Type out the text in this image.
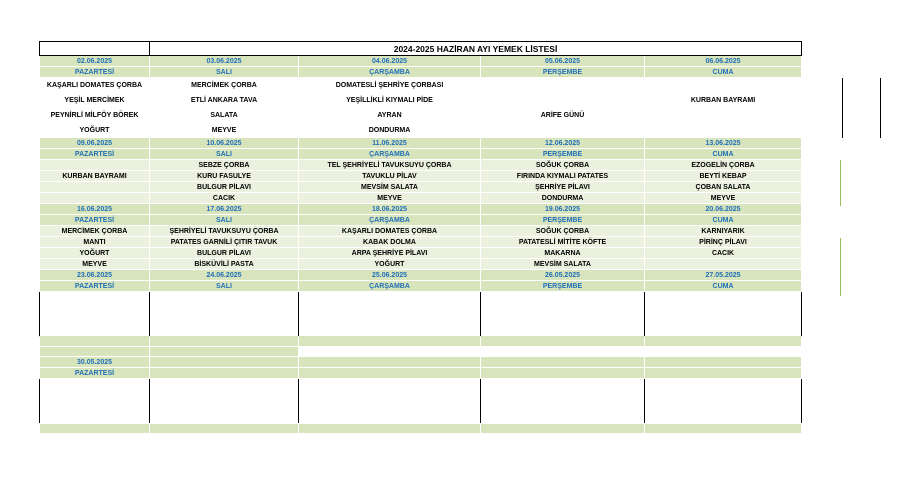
	2024-2025 HAZİRAN AYI YEMEK LİSTESİ			
02.06.2025	03.06.2025	04.06.2025	05.06.2025	06.06.2025
PAZARTESİ	SALI	ÇARŞAMBA	PERŞEMBE	CUMA
KAŞARLI DOMATES ÇORBA	MERCİMEK ÇORBA	DOMATESLİ ŞEHRİYE ÇORBASI		
YEŞİL MERCİMEK	ETLİ ANKARA TAVA	YEŞİLLİKLİ KIYMALI PİDE		KURBAN BAYRAMI
PEYNİRLİ MİLFÖY BÖREK	SALATA	AYRAN	ARİFE GÜNÜ	
YOĞURT	MEYVE	DONDURMA		
09.06.2025	10.06.2025	11.06.2025	12.06.2025	13.06.2025
PAZARTESİ	SALI	ÇARŞAMBA	PERŞEMBE	CUMA
	SEBZE ÇORBA	TEL ŞEHRİYELİ TAVUKSUYU ÇORBA	SOĞUK ÇORBA	EZOGELİN ÇORBA
KURBAN BAYRAMI	KURU FASULYE	TAVUKLU PİLAV	FIRINDA KIYMALI PATATES	BEYTİ KEBAP
	BULGUR PİLAVI	MEVSİM SALATA	ŞEHRİYE PİLAVI	ÇOBAN SALATA
	CACIK	MEYVE	DONDURMA	MEYVE
16.06.2025	17.06.2025	18.06.2025	19.06.2025	20.06.2025
PAZARTESİ	SALI	ÇARŞAMBA	PERŞEMBE	CUMA
MERCİMEK ÇORBA	ŞEHRİYELİ TAVUKSUYU ÇORBA	KAŞARLI DOMATES ÇORBA	SOĞUK ÇORBA	KARNIYARIK
MANTI	PATATES GARNİLİ ÇITIR TAVUK	KABAK DOLMA	PATATESLİ MİTİTE KÖFTE	PİRİNÇ PİLAVI
YOĞURT	BULGUR PİLAVI	ARPA ŞEHRİYE PİLAVI	MAKARNA	CACIK
MEYVE	BİSKÜVİLİ PASTA	YOĞURT	MEVSİM SALATA	
23.06.2025	24.06.2025	25.06.2025	26.05.2025	27.05.2025
PAZARTESİ	SALI	ÇARŞAMBA	PERŞEMBE	CUMA

30.05.2025				
PAZARTESİ				
